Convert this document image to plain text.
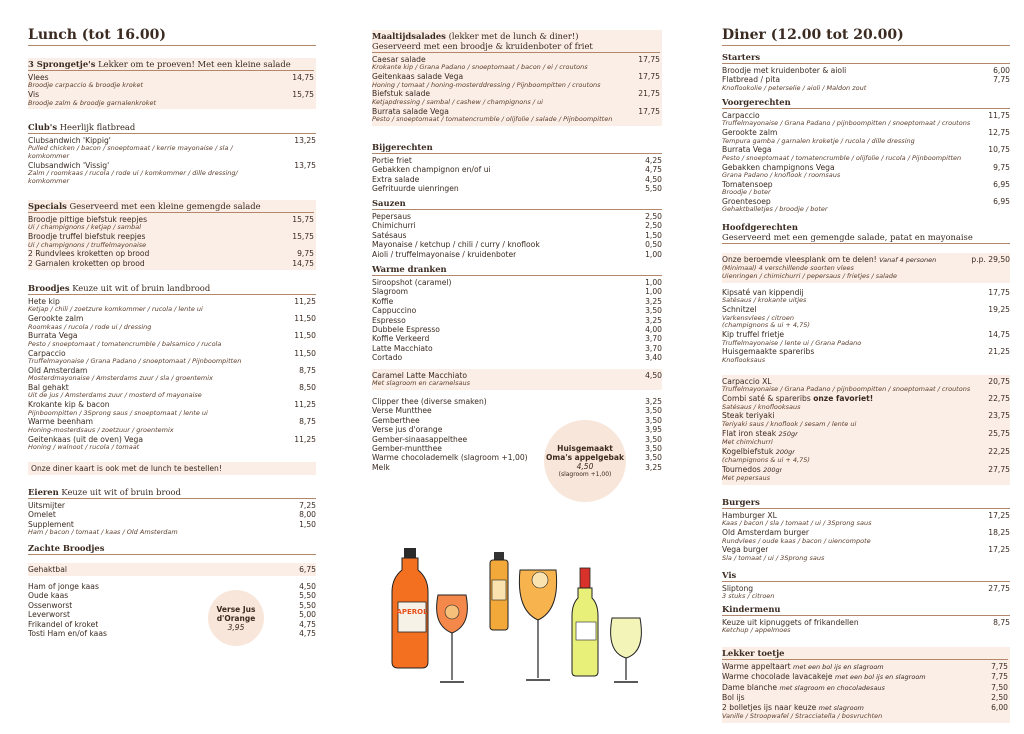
Lunch (tot 16.00)
3 Sprongetje's Lekker om te proeven! Met een kleine salade
Vlees	14,75
Broodje carpaccio & broodje kroket
Vis	15,75
Broodje zalm & broodje garnalenkroket
Club's Heerlijk flatbread
Clubsandwich 'Kippig'	13,25
Pulled chicken / bacon / snoeptomaat / kerrie mayonaise / sla /
komkommer
Clubsandwich 'Vissig'	13,75
Zalm / roomkaas / rucola / rode ui / komkommer / dille dressing/
komkommer
Specials Geserveerd met een kleine gemengde salade
Broodje pittige biefstuk reepjes	15,75
Ui / champignons / ketjap / sambal
Broodje truffel biefstuk reepjes	15,75
Ui / champignons / truffelmayonaise
2 Rundvlees kroketten op brood	9,75
2 Garnalen kroketten op brood	14,75
Broodjes Keuze uit wit of bruin landbrood
Hete kip	11,25
Ketjap / chili / zoetzure komkommer / rucola / lente ui
Gerookte zalm	11,50
Roomkaas / rucola / rode ui / dressing
Burrata Vega	11,50
Pesto / snoeptomaat / tomatencrumble / balsamico / rucola
Carpaccio	11,50
Truffelmayonaise / Grana Padano / snoeptomaat / Pijnboompitten
Old Amsterdam	8,75
Mosterdmayonaise / Amsterdams zuur / sla / groentemix
Bal gehakt	8,50
Uit de jus / Amsterdams zuur / mosterd of mayonaise
Krokante kip & bacon	11,25
Pijnboompitten / 3Sprong saus / snoeptomaat / lente ui
Warme beenham	8,75
Honing-mosterdsaus / zoetzuur / groentemix
Geitenkaas (uit de oven) Vega	11,25
Honing / walnoot / rucola / tomaat
Onze diner kaart is ook met de lunch te bestellen!
Eieren Keuze uit wit of bruin brood
Uitsmijter	7,25
Omelet	8,00
Supplement	1,50
Ham / bacon / tomaat / kaas / Old Amsterdam
Zachte Broodjes
Gehaktbal	6,75
Ham of jonge kaas	4,50
Oude kaas	5,50
Ossenworst	5,50
Leverworst	5,00
Frikandel of kroket	4,75
Tosti Ham en/of kaas	4,75
Verse Jus
d'Orange
3,95
Maaltijdsalades (lekker met de lunch & diner!)
Geserveerd met een broodje & kruidenboter of friet
Caesar salade	17,75
Krokante kip / Grana Padano / snoeptomaat / bacon / ei / croutons
Geitenkaas salade Vega	17,75
Honing / tomaat / honing-mosterddressing / Pijnboompitten / croutons
Biefstuk salade	21,75
Ketjapdressing / sambal / cashew / champignons / ui
Burrata salade Vega	17,75
Pesto / snoeptomaat / tomatencrumble / olijfolie / salade / Pijnboompitten
Bijgerechten
Portie friet	4,25
Gebakken champignon en/of ui	4,75
Extra salade	4,50
Gefrituurde uienringen	5,50
Sauzen
Pepersaus	2,50
Chimichurri	2,50
Satésaus	1,50
Mayonaise / ketchup / chili / curry / knoflook	0,50
Aioli / truffelmayonaise / kruidenboter	1,00
Warme dranken
Siroopshot (caramel)	1,00
Slagroom	1,00
Koffie	3,25
Cappuccino	3,50
Espresso	3,25
Dubbele Espresso	4,00
Koffie Verkeerd	3,70
Latte Macchiato	3,70
Cortado	3,40
Caramel Latte Macchiato	4,50
Met slagroom en caramelsaus
Clipper thee (diverse smaken)	3,25
Verse Muntthee	3,50
Gemberthee	3,50
Verse jus d'orange	3,95
Gember-sinaasappelthee	3,50
Gember-muntthee	3,50
Warme chocolademelk (slagroom +1,00)	3,50
Melk	3,25
Huisgemaakt
Oma's appelgebak
4,50
(slagroom +1,00)
APEROL
Diner (12.00 tot 20.00)
Starters
Broodje met kruidenboter & aioli	6,00
Flatbread / pita	7,75
Knoflookolie / peterselie / aioli / Maldon zout
Voorgerechten
Carpaccio	11,75
Truffelmayonaise / Grana Padano / pijnboompitten / snoeptomaat / croutons
Gerookte zalm	12,75
Tempura gamba / garnalen kroketje / rucola / dille dressing
Burrata Vega	10,75
Pesto / snoeptomaat / tomatencrumble / olijfolie / rucola / Pijnboompitten
Gebakken champignons Vega	9,75
Grana Padano / knoflook / roomsaus
Tomatensoep	6,95
Broodje / boter
Groentesoep	6,95
Gehaktballetjes / broodje / boter
Hoofdgerechten
Geserveerd met een gemengde salade, patat en mayonaise
Onze beroemde vleesplank om te delen! Vanaf 4 personen	p.p. 29,50
(Minimaal) 4 verschillende soorten vlees
Uienringen / chimichurri / pepersaus / frietjes / salade
Kipsaté van kippendij	17,75
Satésaus / krokante uitjes
Schnitzel	19,25
Varkensvlees / citroen
(champignons & ui + 4,75)
Kip truffel frietje	14,75
Truffelmayonaise / lente ui / Grana Padano
Huisgemaakte spareribs	21,25
Knoflooksaus
Carpaccio XL	20,75
Truffelmayonaise / Grana Padano / pijnboompitten / snoeptomaat / croutons
Combi saté & spareribs onze favoriet!	22,75
Satésaus / knoflooksaus
Steak teriyaki	23,75
Teriyaki saus / knoflook / sesam / lente ui
Flat iron steak 250gr	25,75
Met chimichurri
Kogelbiefstuk 200gr	22,25
(champignons & ui + 4,75)
Tournedos 200gr	27,75
Met pepersaus
Burgers
Hamburger XL	17,25
Kaas / bacon / sla / tomaat / ui / 3Sprong saus
Old Amsterdam burger	18,25
Rundvlees / oude kaas / bacon / uiencompote
Vega burger	17,25
Sla / tomaat / ui / 3Sprong saus
Vis
Sliptong	27,75
3 stuks / citroen
Kindermenu
Keuze uit kipnuggets of frikandellen	8,75
Ketchup / appelmoes
Lekker toetje
Warme appeltaart met een bol ijs en slagroom	7,75
Warme chocolade lavacakeje met een bol ijs en slagroom	7,75
Dame blanche met slagroom en chocoladesaus	7,50
Bol ijs	2,50
2 bolletjes ijs naar keuze met slagroom	6,00
Vanille / Stroopwafel / Stracciatella / bosvruchten
